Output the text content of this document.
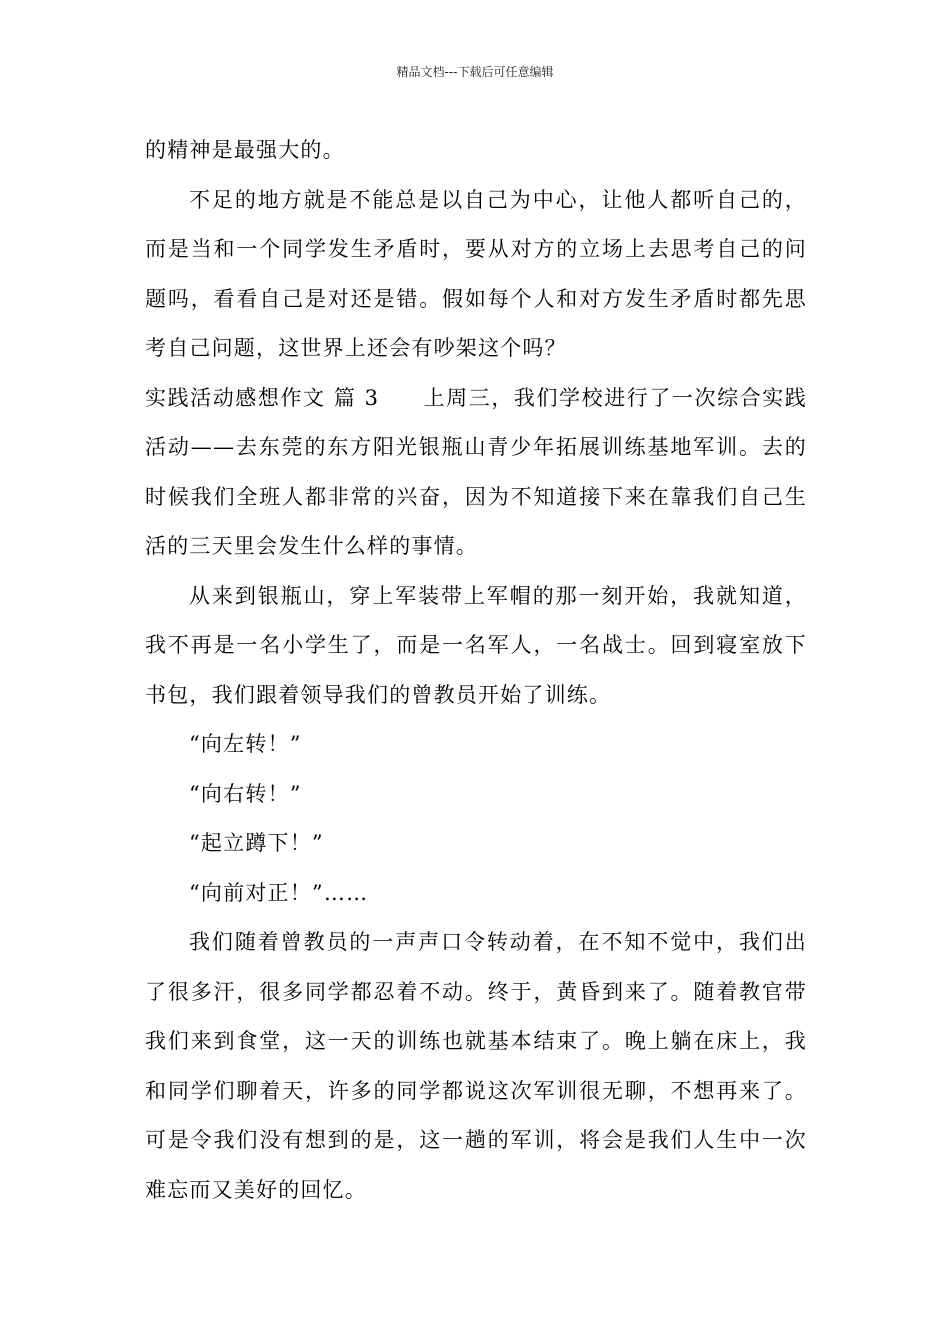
精品文档---下载后可任意编辑

的精神是最强大的。

不足的地方就是不能总是以自己为中心，让他人都听自己的，而是当和一个同学发生矛盾时，要从对方的立场上去思考自己的问题吗，看看自己是对还是错。假如每个人和对方发生矛盾时都先思考自己问题，这世界上还会有吵架这个吗？

实践活动感想作文 篇 3 上周三，我们学校进行了一次综合实践活动——去东莞的东方阳光银瓶山青少年拓展训练基地军训。去的时候我们全班人都非常的兴奋，因为不知道接下来在靠我们自己生活的三天里会发生什么样的事情。

从来到银瓶山，穿上军装带上军帽的那一刻开始，我就知道，我不再是一名小学生了，而是一名军人，一名战士。回到寝室放下书包，我们跟着领导我们的曾教员开始了训练。

“向左转！”

“向右转！”

“起立蹲下！”

“向前对正！”……

我们随着曾教员的一声声口令转动着，在不知不觉中，我们出了很多汗，很多同学都忍着不动。终于，黄昏到来了。随着教官带我们来到食堂，这一天的训练也就基本结束了。晚上躺在床上，我和同学们聊着天，许多的同学都说这次军训很无聊，不想再来了。可是令我们没有想到的是，这一趟的军训，将会是我们人生中一次难忘而又美好的回忆。
